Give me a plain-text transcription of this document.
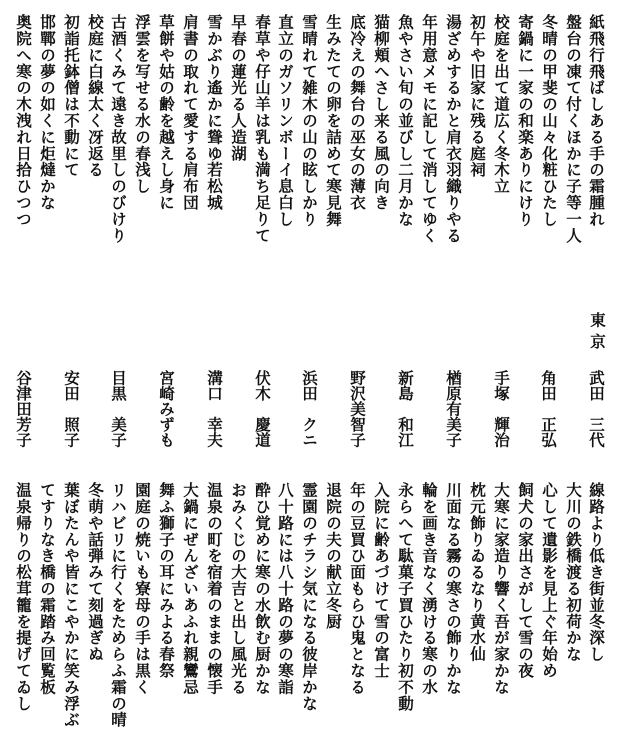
紙飛行飛ばしある手の霜腫れ
盤台の凍て付くほかに子等一人
冬晴の甲斐の山々化粧ひたし
寄鍋に一家の和楽ありにけり
校庭を出て道広く冬木立
初午や旧家に残る庭祠
湯ざめするかと肩衣羽織りやる
年用意メモに記して消してゆく
魚やさい旬の並びし二月かな
猫柳頬へさし来る風の向き
底冷えの舞台の巫女の薄衣
生みたての卵を詰めて寒見舞
雪晴れて雑木の山の眩しかり
直立のガソリンボーイ息白し
春草や仔山羊は乳も満ち足りて
早春の蓮光る人造湖
雪かぶり遙かに聳ゆ若松城
肩書の取れて愛する肩布団
草餅や姑の齢を越えし身に
浮雲を写せる水の春浅し
古酒くみて遠き故里しのびけり
校庭に白線太く冴返る
初詣托鉢僧は不動にて
邯鄲の夢の如くに炬燵かな
奥院へ寒の木洩れ日拾ひつつ
東京
武田　三代
角田　正弘
手塚　輝治
楢原有美子
新島　和江
野沢美智子
浜田　クニ
伏木　慶道
溝口　幸夫
宮崎みずも
目黒　美子
安田　照子
谷津田芳子
線路より低き街並冬深し
大川の鉄橋渡る初荷かな
心して遺影を見上ぐ年始め
飼犬の家出さがして雪の夜
大寒に家造り響く吾が家かな
枕元飾りゐるなり黄水仙
川面なる霧の寒さの飾りかな
輪を画き音なく湧ける寒の水
永らへて駄菓子買ひたり初不動
入院に齢あづけて雪の富士
年の豆買ひ面もらひ鬼となる
退院の夫の献立冬厨
霊園のチラシ気になる彼岸かな
八十路には八十路の夢の寒詣
酔ひ覚めに寒の水飲む厨かな
おみくじの大吉と出し風光る
温泉の町を宿着のままの懐手
大鍋にぜんざいあふれ親鸞忌
舞ふ獅子の耳にみよる春祭
園庭の焼いも寮母の手は黒く
リハビリに行くをためらふ霜の晴
冬萌や話弾みて刻過ぎぬ
葉ぼたんや皆にこやかに笑み浮ぶ
てすりなき橋の霜踏み回覧板
温泉帰りの松茸籠を提げてゐし
